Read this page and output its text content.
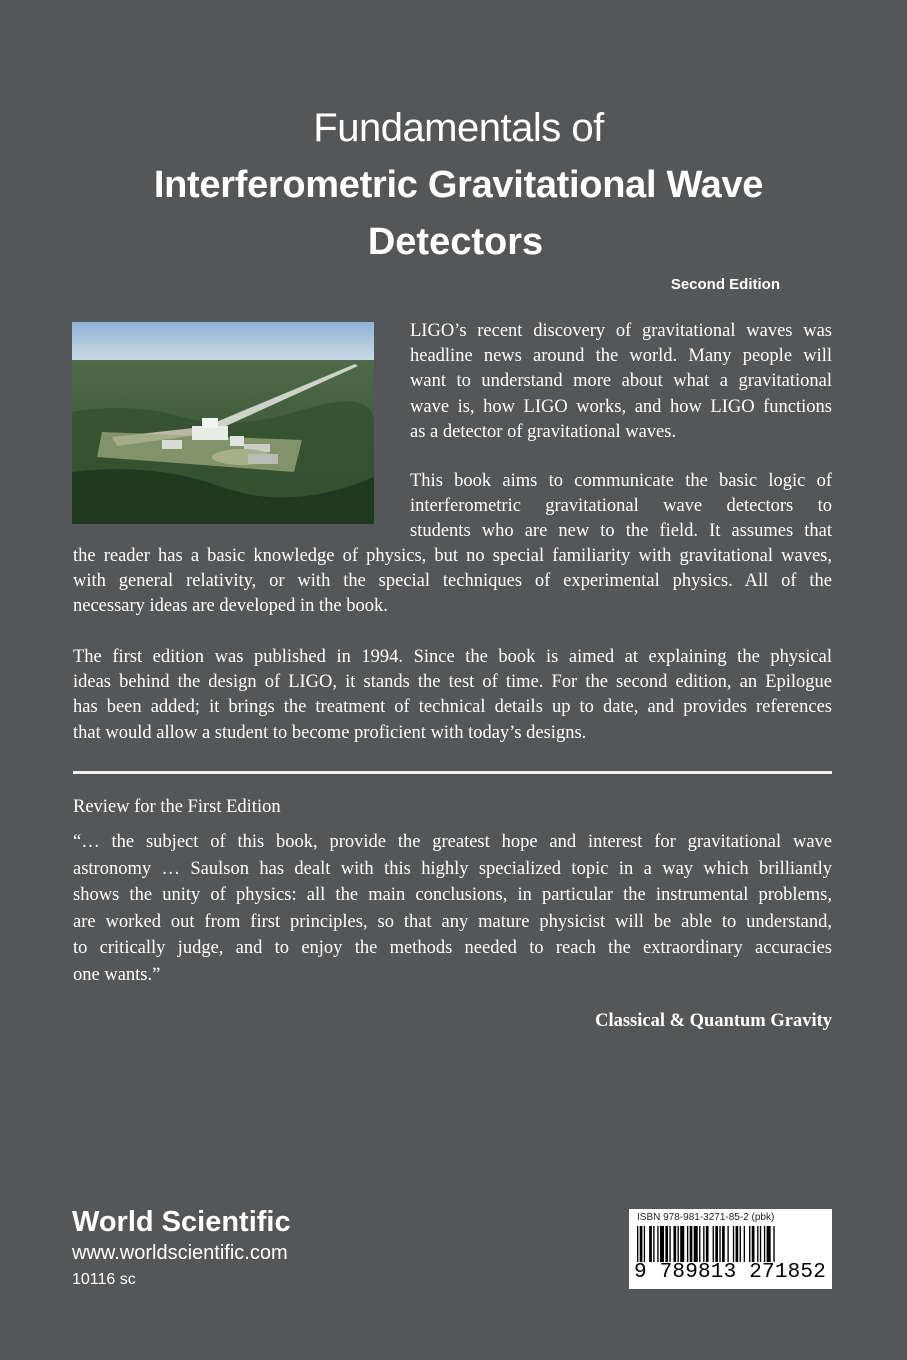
Fundamentals of
Interferometric Gravitational Wave
Detectors
Second Edition
LIGO’s recent discovery of gravitational waves was
headline news around the world. Many people will
want to understand more about what a gravitational
wave is, how LIGO works, and how LIGO functions
as a detector of gravitational waves.
This book aims to communicate the basic logic of
interferometric gravitational wave detectors to
students who are new to the field. It assumes that
the reader has a basic knowledge of physics, but no special familiarity with gravitational waves,
with general relativity, or with the special techniques of experimental physics. All of the
necessary ideas are developed in the book.
The first edition was published in 1994. Since the book is aimed at explaining the physical
ideas behind the design of LIGO, it stands the test of time. For the second edition, an Epilogue
has been added; it brings the treatment of technical details up to date, and provides references
that would allow a student to become proficient with today’s designs.
Review for the First Edition
“… the subject of this book, provide the greatest hope and interest for gravitational wave
astronomy … Saulson has dealt with this highly specialized topic in a way which brilliantly
shows the unity of physics: all the main conclusions, in particular the instrumental problems,
are worked out from first principles, so that any mature physicist will be able to understand,
to critically judge, and to enjoy the methods needed to reach the extraordinary accuracies
one wants.”
Classical & Quantum Gravity
World Scientific
www.worldscientific.com
10116 sc
ISBN 978-981-3271-85-2 (pbk)
9 789813 271852
